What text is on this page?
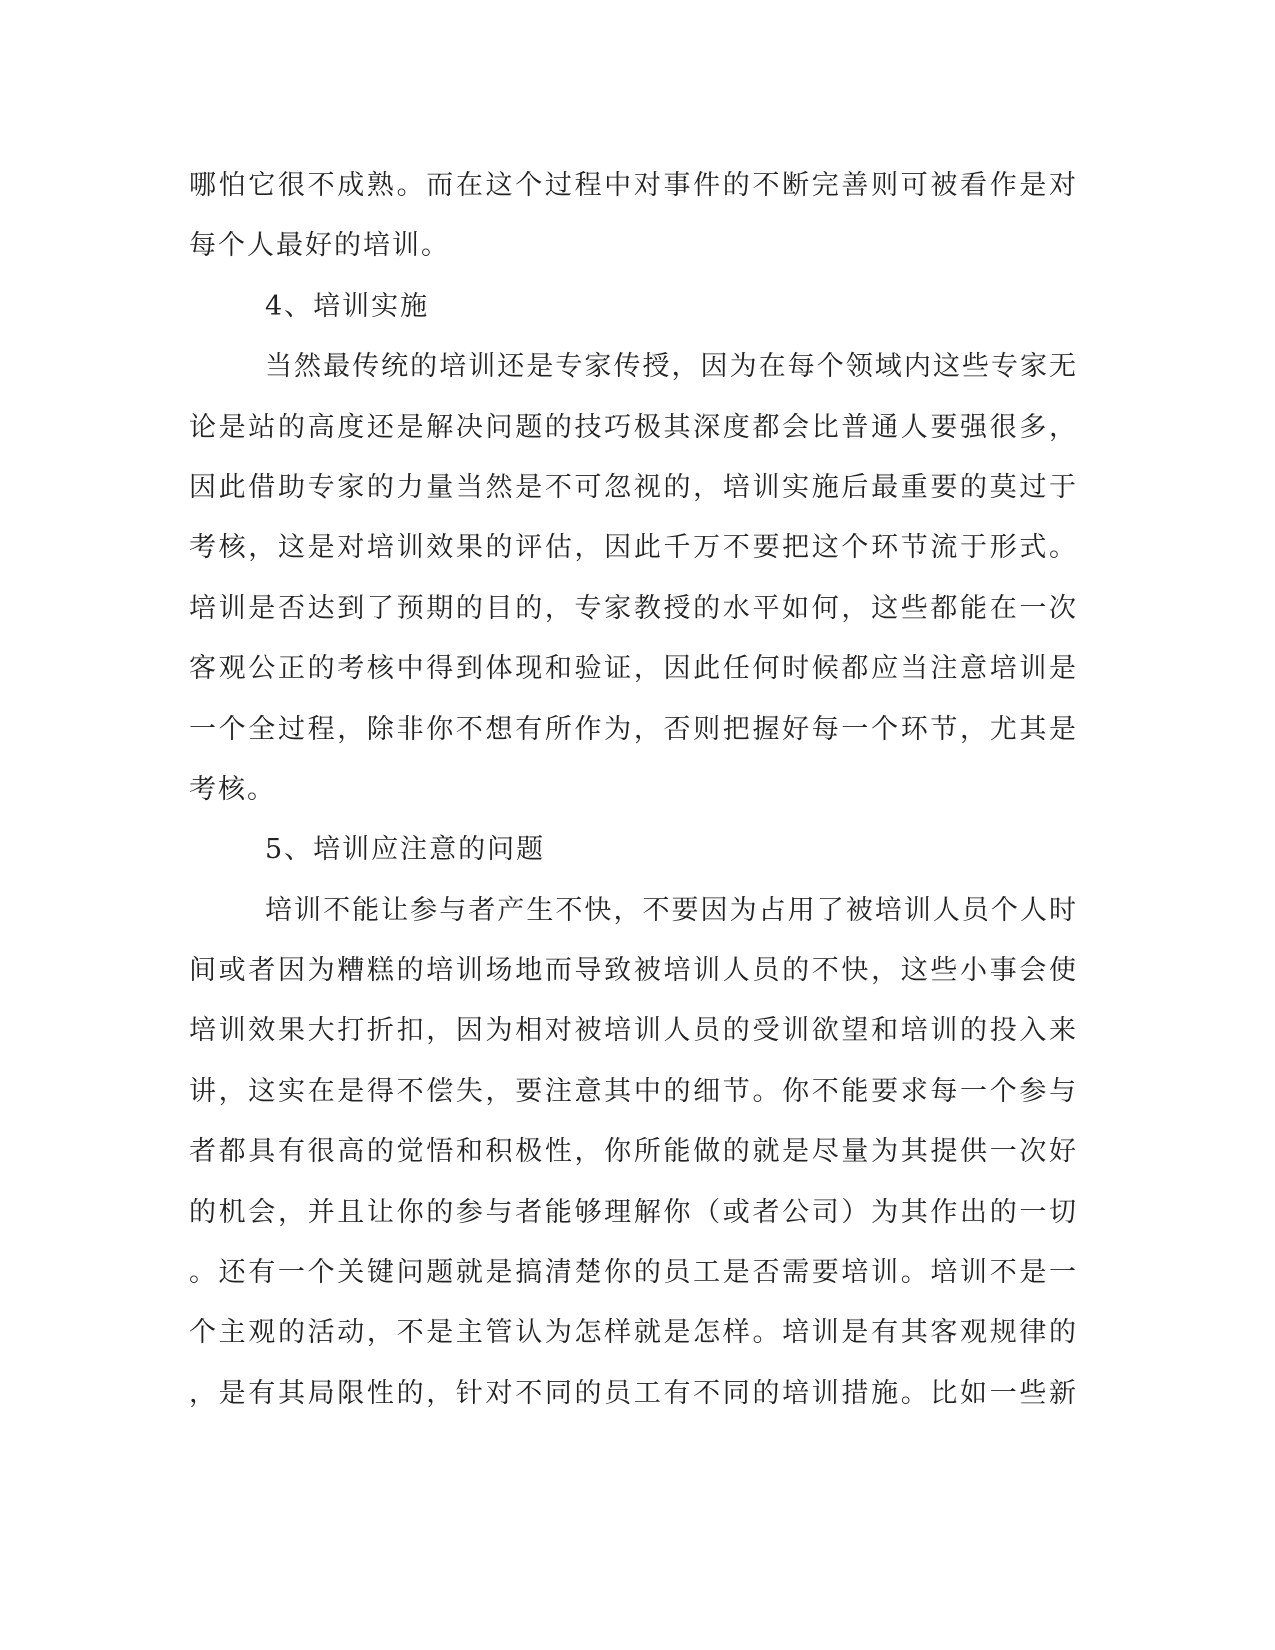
哪怕它很不成熟。而在这个过程中对事件的不断完善则可被看作是对
每个人最好的培训。
4、培训实施
当然最传统的培训还是专家传授，因为在每个领域内这些专家无
论是站的高度还是解决问题的技巧极其深度都会比普通人要强很多，
因此借助专家的力量当然是不可忽视的，培训实施后最重要的莫过于
考核，这是对培训效果的评估，因此千万不要把这个环节流于形式。
培训是否达到了预期的目的，专家教授的水平如何，这些都能在一次
客观公正的考核中得到体现和验证，因此任何时候都应当注意培训是
一个全过程，除非你不想有所作为，否则把握好每一个环节，尤其是
考核。
5、培训应注意的问题
培训不能让参与者产生不快，不要因为占用了被培训人员个人时
间或者因为糟糕的培训场地而导致被培训人员的不快，这些小事会使
培训效果大打折扣，因为相对被培训人员的受训欲望和培训的投入来
讲，这实在是得不偿失，要注意其中的细节。你不能要求每一个参与
者都具有很高的觉悟和积极性，你所能做的就是尽量为其提供一次好
的机会，并且让你的参与者能够理解你（或者公司）为其作出的一切
。还有一个关键问题就是搞清楚你的员工是否需要培训。培训不是一
个主观的活动，不是主管认为怎样就是怎样。培训是有其客观规律的
，是有其局限性的，针对不同的员工有不同的培训措施。比如一些新
